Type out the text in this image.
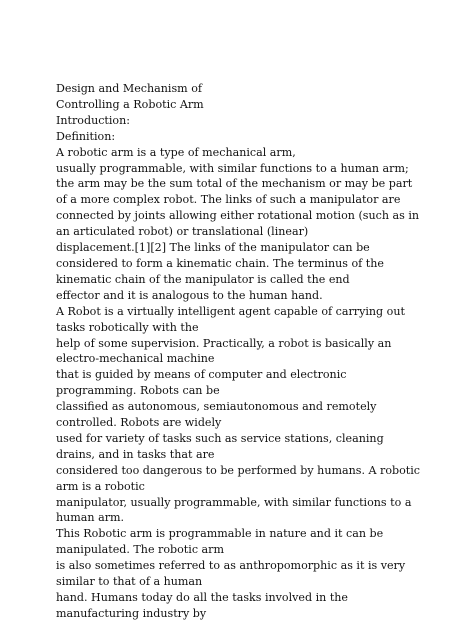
Design and Mechanism of
Controlling a Robotic Arm
Introduction:
Definition:
A robotic arm is a type of mechanical arm,
usually programmable, with similar functions to a human arm;
the arm may be the sum total of the mechanism or may be part
of a more complex robot. The links of such a manipulator are
connected by joints allowing either rotational motion (such as in
an articulated robot) or translational (linear)
displacement.[1][2] The links of the manipulator can be
considered to form a kinematic chain. The terminus of the
kinematic chain of the manipulator is called the end
effector and it is analogous to the human hand.
A Robot is a virtually intelligent agent capable of carrying out
tasks robotically with the
help of some supervision. Practically, a robot is basically an
electro-mechanical machine
that is guided by means of computer and electronic
programming. Robots can be
classified as autonomous, semiautonomous and remotely
controlled. Robots are widely
used for variety of tasks such as service stations, cleaning
drains, and in tasks that are
considered too dangerous to be performed by humans. A robotic
arm is a robotic
manipulator, usually programmable, with similar functions to a
human arm.
This Robotic arm is programmable in nature and it can be
manipulated. The robotic arm
is also sometimes referred to as anthropomorphic as it is very
similar to that of a human
hand. Humans today do all the tasks involved in the
manufacturing industry by
